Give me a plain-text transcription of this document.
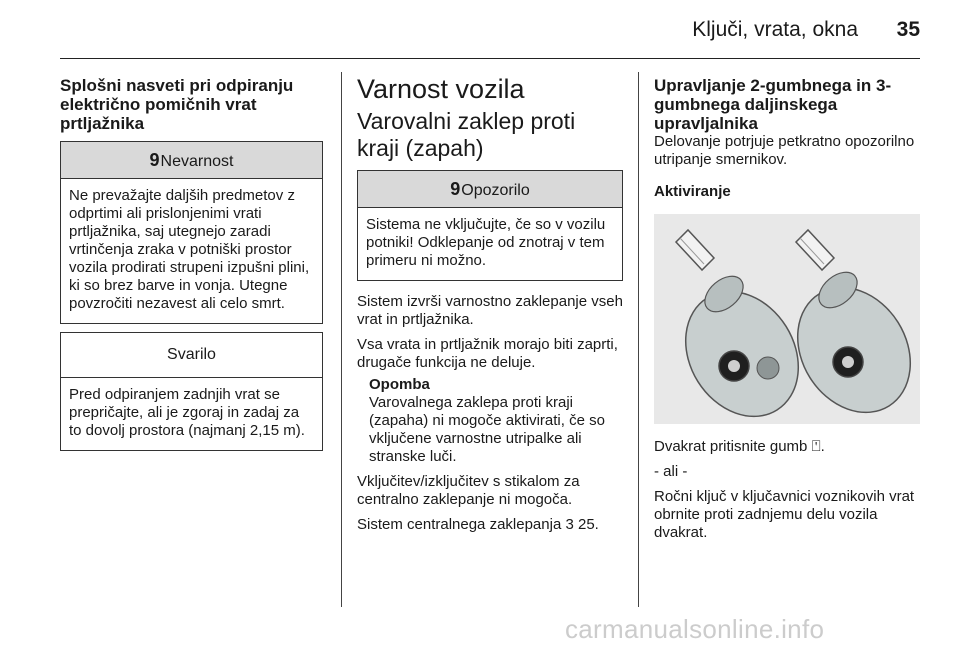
Ključi, vrata, okna 35
Splošni nasveti pri odpiranju električno pomičnih vrat prtljažnika
9Nevarnost
Ne prevažajte daljših predmetov z odprtimi ali prislonjenimi vrati prtljažnika, saj utegnejo zaradi vrtinčenja zraka v potniški prostor vozila prodirati strupeni izpušni plini, ki so brez barve in vonja. Utegne povzročiti nezavest ali celo smrt.
Svarilo
Pred odpiranjem zadnjih vrat se prepričajte, ali je zgoraj in zadaj za to dovolj prostora (najmanj 2,15 m).
Varnost vozila
Varovalni zaklep proti kraji (zapah)
9Opozorilo
Sistema ne vključujte, če so v vozilu potniki! Odklepanje od znotraj v tem primeru ni možno.

Sistem izvrši varnostno zaklepanje vseh vrat in prtljažnika.

Vsa vrata in prtljažnik morajo biti zaprti, drugače funkcija ne deluje.

Opomba

Varovalnega zaklepa proti kraji (zapaha) ni mogoče aktivirati, če so vključene varnostne utripalke ali stranske luči.

Vključitev/izključitev s stikalom za centralno zaklepanje ni mogoča.

Sistem centralnega zaklepanja 3 25.

Upravljanje 2-gumbnega in 3-gumbnega daljinskega upravljalnika

Delovanje potrjuje petkratno opozorilno utripanje smernikov.

Aktiviranje

Dvakrat pritisnite gumb ⍞.

- ali -

Ročni ključ v ključavnici voznikovih vrat obrnite proti zadnjemu delu vozila dvakrat.

carmanualsonline.info
